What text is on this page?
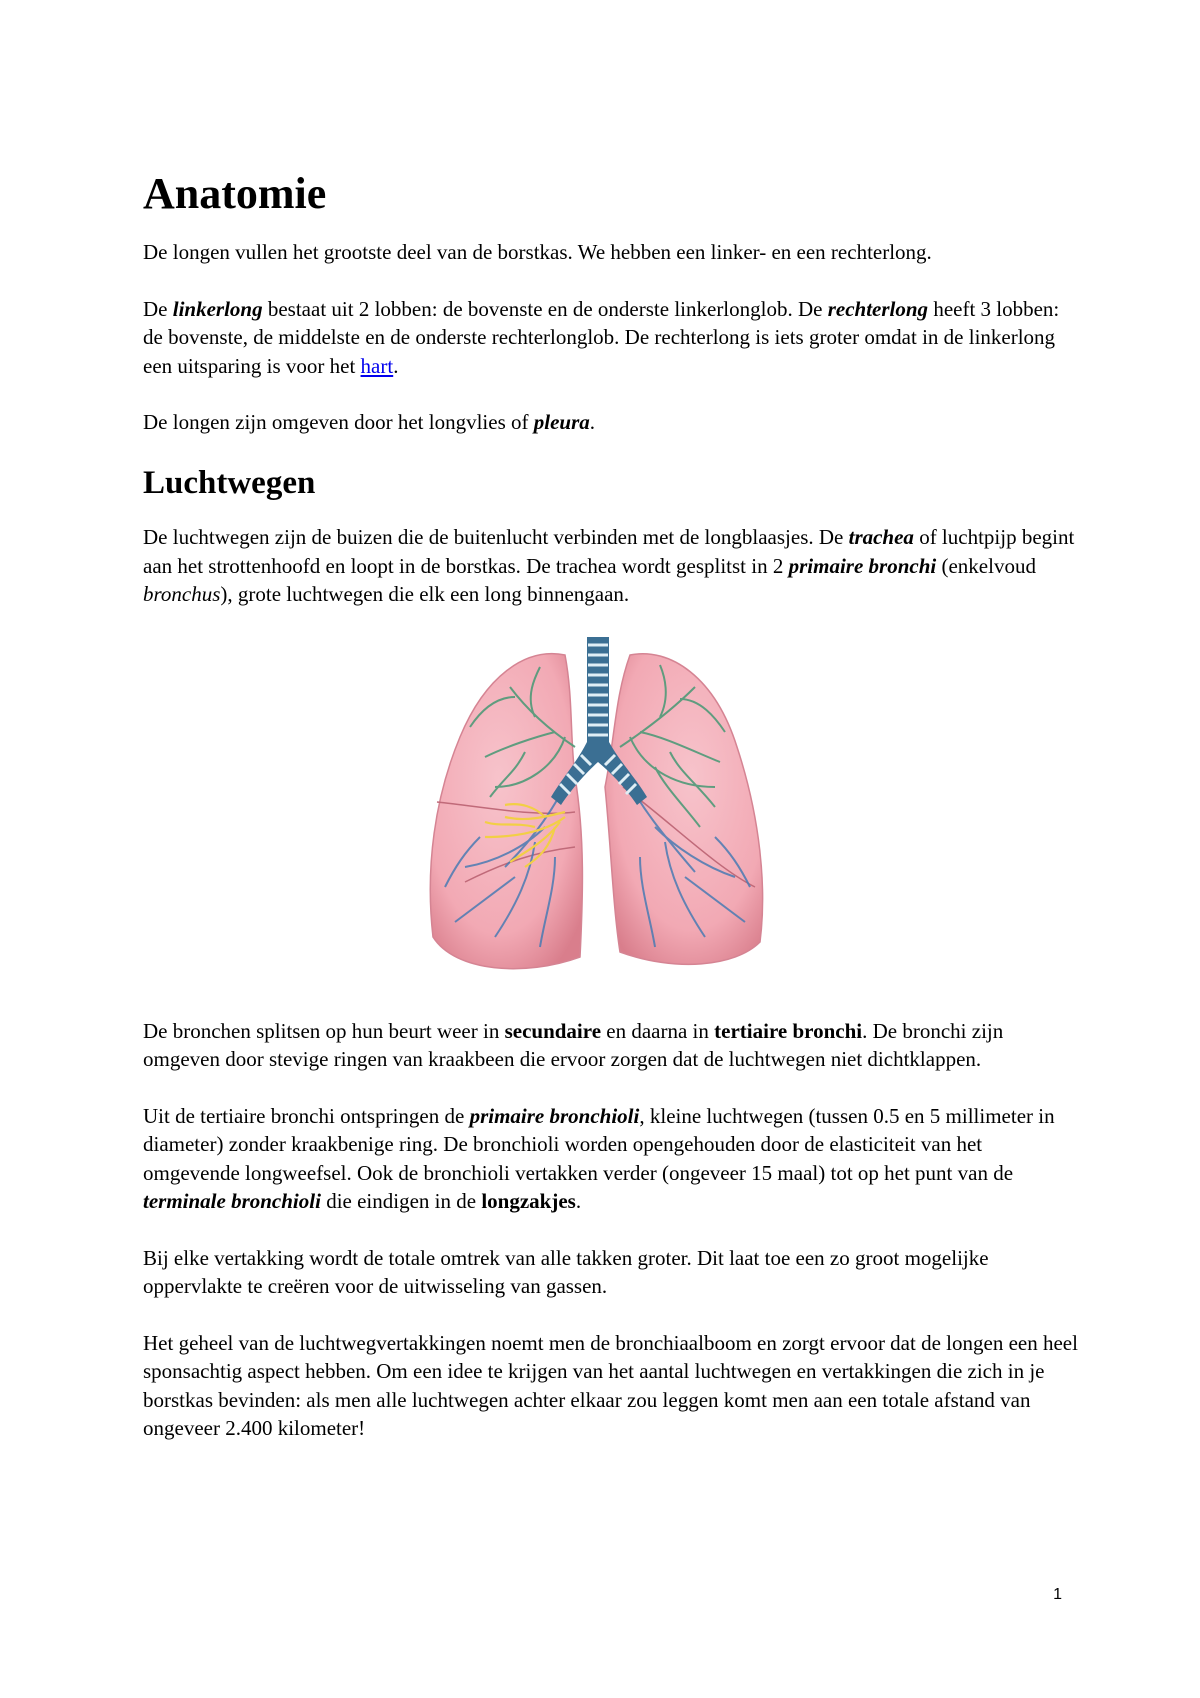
Anatomie

De longen vullen het grootste deel van de borstkas. We hebben een linker- en een rechterlong.

De linkerlong bestaat uit 2 lobben: de bovenste en de onderste linkerlonglob. De rechterlong heeft 3 lobben: de bovenste, de middelste en de onderste rechterlonglob. De rechterlong is iets groter omdat in de linkerlong een uitsparing is voor het hart.

De longen zijn omgeven door het longvlies of pleura.

Luchtwegen

De luchtwegen zijn de buizen die de buitenlucht verbinden met de longblaasjes. De trachea of luchtpijp begint aan het strottenhoofd en loopt in de borstkas. De trachea wordt gesplitst in 2 primaire bronchi (enkelvoud bronchus), grote luchtwegen die elk een long binnengaan.

De bronchen splitsen op hun beurt weer in secundaire en daarna in tertiaire bronchi. De bronchi zijn omgeven door stevige ringen van kraakbeen die ervoor zorgen dat de luchtwegen niet dichtklappen.

Uit de tertiaire bronchi ontspringen de primaire bronchioli, kleine luchtwegen (tussen 0.5 en 5 millimeter in diameter) zonder kraakbenige ring. De bronchioli worden opengehouden door de elasticiteit van het omgevende longweefsel. Ook de bronchioli vertakken verder (ongeveer 15 maal) tot op het punt van de terminale bronchioli die eindigen in de longzakjes.

Bij elke vertakking wordt de totale omtrek van alle takken groter. Dit laat toe een zo groot mogelijke oppervlakte te creëren voor de uitwisseling van gassen.

Het geheel van de luchtwegvertakkingen noemt men de bronchiaalboom en zorgt ervoor dat de longen een heel sponsachtig aspect hebben. Om een idee te krijgen van het aantal luchtwegen en vertakkingen die zich in je borstkas bevinden: als men alle luchtwegen achter elkaar zou leggen komt men aan een totale afstand van ongeveer 2.400 kilometer!

1
